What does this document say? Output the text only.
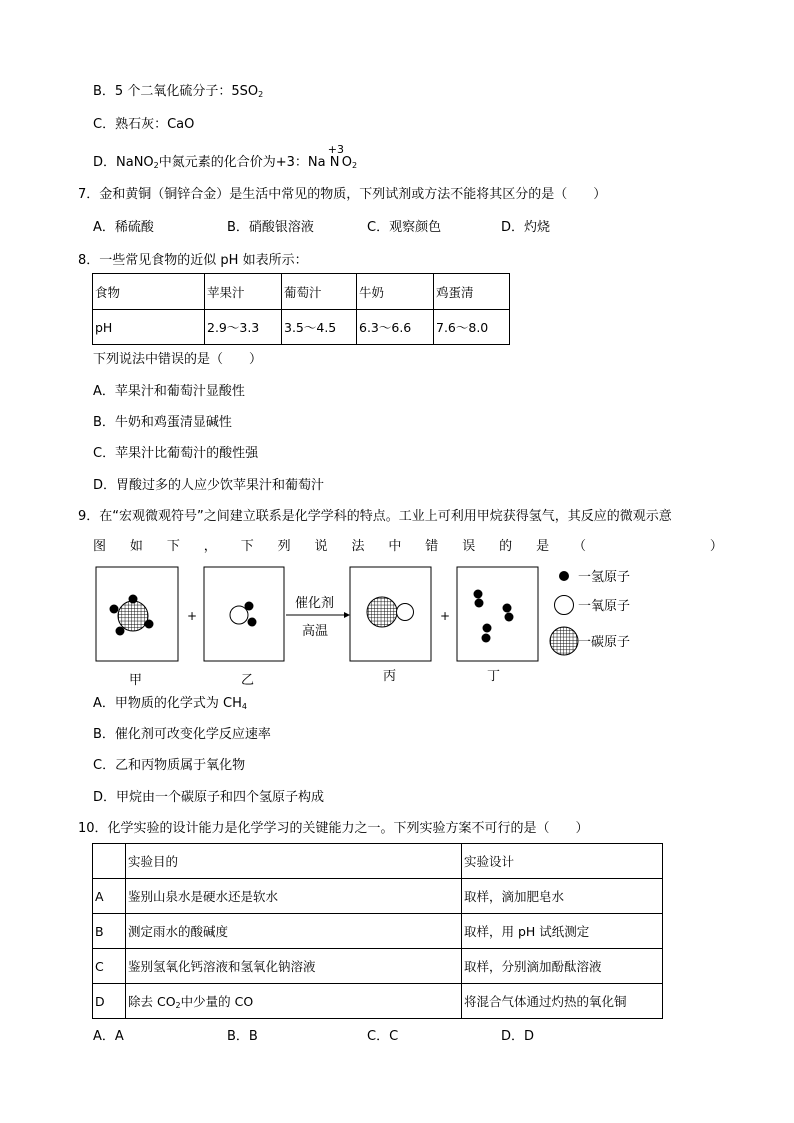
B．5 个二氧化硫分子：$5SO_2$
C．熟石灰：CaO
D．NaNO$_2$中氮元素的化合价为+3：Na
+3
N $O_2$
7．金和黄铜（铜锌合金）是生活中常见的物质，下列试剂或方法不能将其区分的是（　　）
A．稀硫酸	B．硝酸银溶液	C．观察颜色	D．灼烧
8．一些常见食物的近似 pH 如表所示：
食物	苹果汁	葡萄汁	牛奶	鸡蛋清
pH	2.9～3.3	3.5～4.5	6.3～6.6	7.6～8.0
下列说法中错误的是（　　）
A．苹果汁和葡萄汁显酸性
B．牛奶和鸡蛋清显碱性
C．苹果汁比葡萄汁的酸性强
D．胃酸过多的人应少饮苹果汁和葡萄汁
9．在“宏观微观符号”之间建立联系是化学学科的特点。工业上可利用甲烷获得氢气，其反应的微观示意
图 如 下 ， 下 列 说 法 中 错 误 的 是 （	）
+
催化剂
高温
+
甲	乙	丙	丁
一氢原子
一氧原子
一碳原子
A．甲物质的化学式为 $CH_4$
B．催化剂可改变化学反应速率
C．乙和丙物质属于氧化物
D．甲烷由一个碳原子和四个氢原子构成
10．化学实验的设计能力是化学学习的关键能力之一。下列实验方案不可行的是（　　）
	实验目的	实验设计
A	鉴别山泉水是硬水还是软水	取样，滴加肥皂水
B	测定雨水的酸碱度	取样，用 pH 试纸测定
C	鉴别氢氧化钙溶液和氢氧化钠溶液	取样，分别滴加酚酞溶液
D	除去 $CO_2$中少量的 CO	将混合气体通过灼热的氧化铜
A．A	B．B	C．C	D．D
